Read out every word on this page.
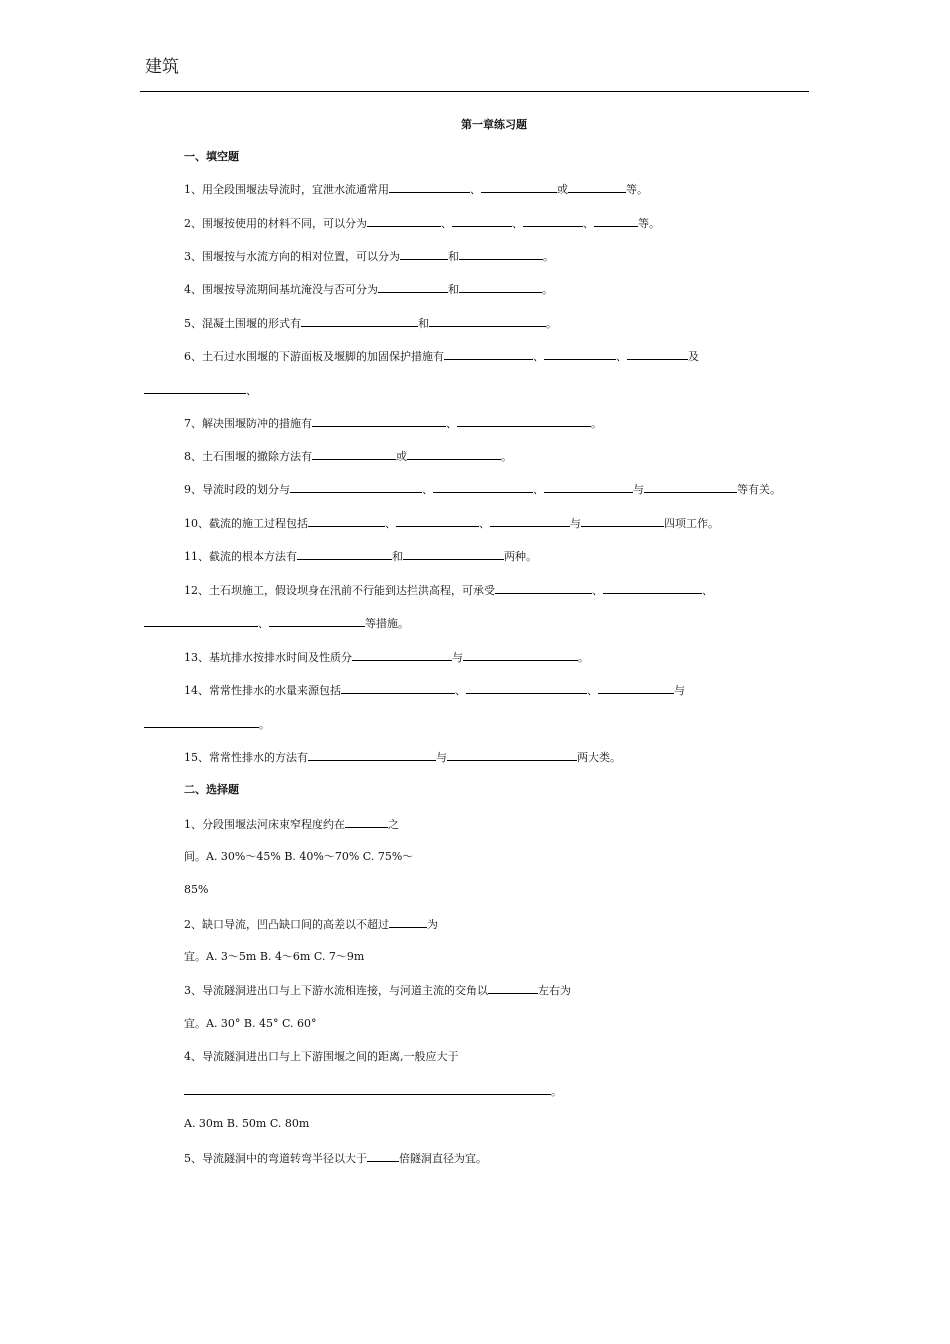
建筑
第一章练习题
一、填空题
1、用全段围堰法导流时，宜泄水流通常用	、	或	等。
2、围堰按使用的材料不同，可以分为	、	、	、	等。
3、围堰按与水流方向的相对位置，可以分为	和	。
4、围堰按导流期间基坑淹没与否可分为	和	。
5、混凝土围堰的形式有	和	。
6、土石过水围堰的下游面板及堰脚的加固保护措施有	、	、	及
、
7、解决围堰防冲的措施有	、	。
8、土石围堰的撤除方法有	或	。
9、导流时段的划分与	、	、	与	等有关。
10、截流的施工过程包括	、	、	与	四项工作。
11、截流的根本方法有	和	两种。
12、土石坝施工，假设坝身在汛前不行能到达拦洪高程，可承受	、	、
、	等措施。
13、基坑排水按排水时间及性质分	与	。
14、常常性排水的水量来源包括	、	、	与
。
15、常常性排水的方法有	与	两大类。
二、选择题
1、分段围堰法河床束窄程度约在	之
间。A. 30%～45% B. 40%～70% C. 75%～
85%
2、缺口导流，凹凸缺口间的高差以不超过	为
宜。A. 3～5m B. 4～6m C. 7～9m
3、导流隧洞进出口与上下游水流相连接，与河道主流的交角以	左右为
宜。A. 30° B. 45° C. 60°
4、导流隧洞进出口与上下游围堰之间的距离,一般应大于
。
A. 30m B. 50m C. 80m
5、导流隧洞中的弯道转弯半径以大于	倍隧洞直径为宜。
